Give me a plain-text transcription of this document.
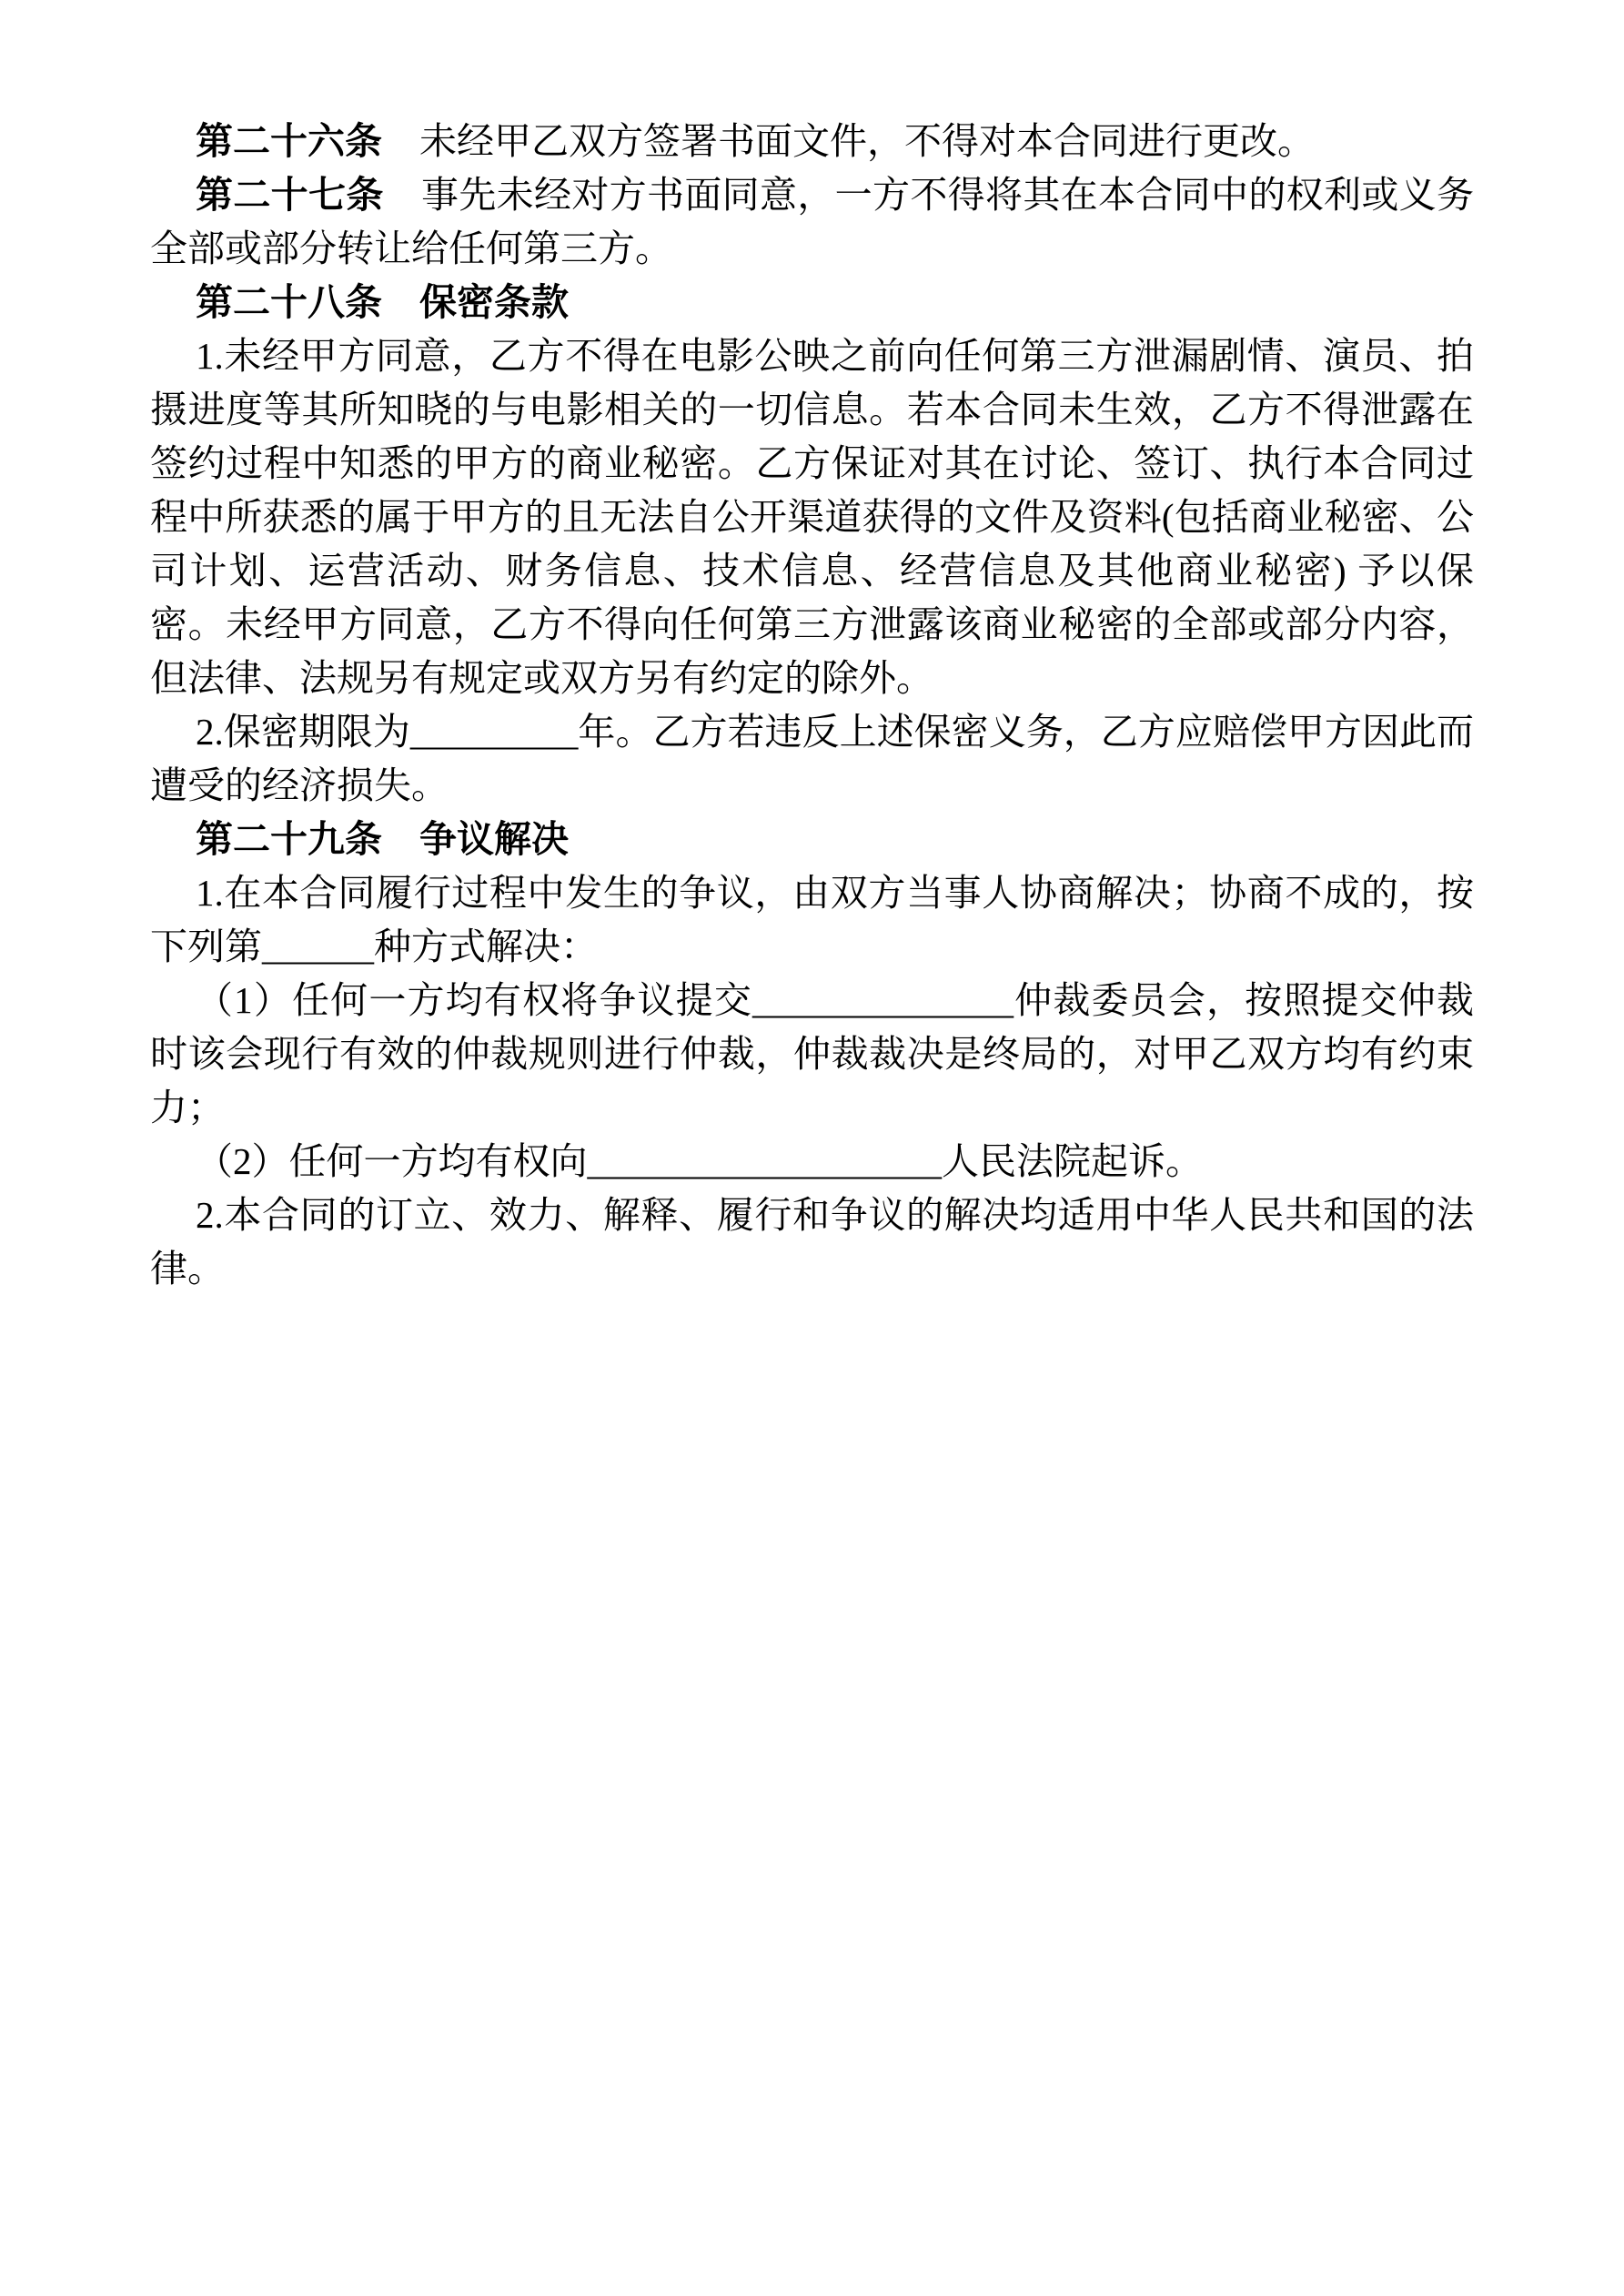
第二十六条　未经甲乙双方签署书面文件，不得对本合同进行更改。

第二十七条　事先未经对方书面同意，一方不得将其在本合同中的权利或义务全部或部分转让给任何第三方。

第二十八条　保密条款

1.未经甲方同意，乙方不得在电影公映之前向任何第三方泄漏剧情、演员、拍摄进度等其所知晓的与电影相关的一切信息。若本合同未生效，乙方不得泄露在签约过程中知悉的甲方的商业秘密。乙方保证对其在讨论、签订、执行本合同过程中所获悉的属于甲方的且无法自公开渠道获得的文件及资料(包括商业秘密、公司计划、运营活动、财务信息、技术信息、经营信息及其他商业秘密) 予以保密。未经甲方同意，乙方不得向任何第三方泄露该商业秘密的全部或部分内容，但法律、法规另有规定或双方另有约定的除外。

2.保密期限为_________年。乙方若违反上述保密义务，乙方应赔偿甲方因此而遭受的经济损失。

第二十九条　争议解决

1.在本合同履行过程中发生的争议，由双方当事人协商解决；协商不成的，按下列第______种方式解决：

（1）任何一方均有权将争议提交______________仲裁委员会，按照提交仲裁时该会现行有效的仲裁规则进行仲裁，仲裁裁决是终局的，对甲乙双方均有约束力；

（2）任何一方均有权向___________________人民法院起诉。

2.本合同的订立、效力、解释、履行和争议的解决均适用中华人民共和国的法律。
